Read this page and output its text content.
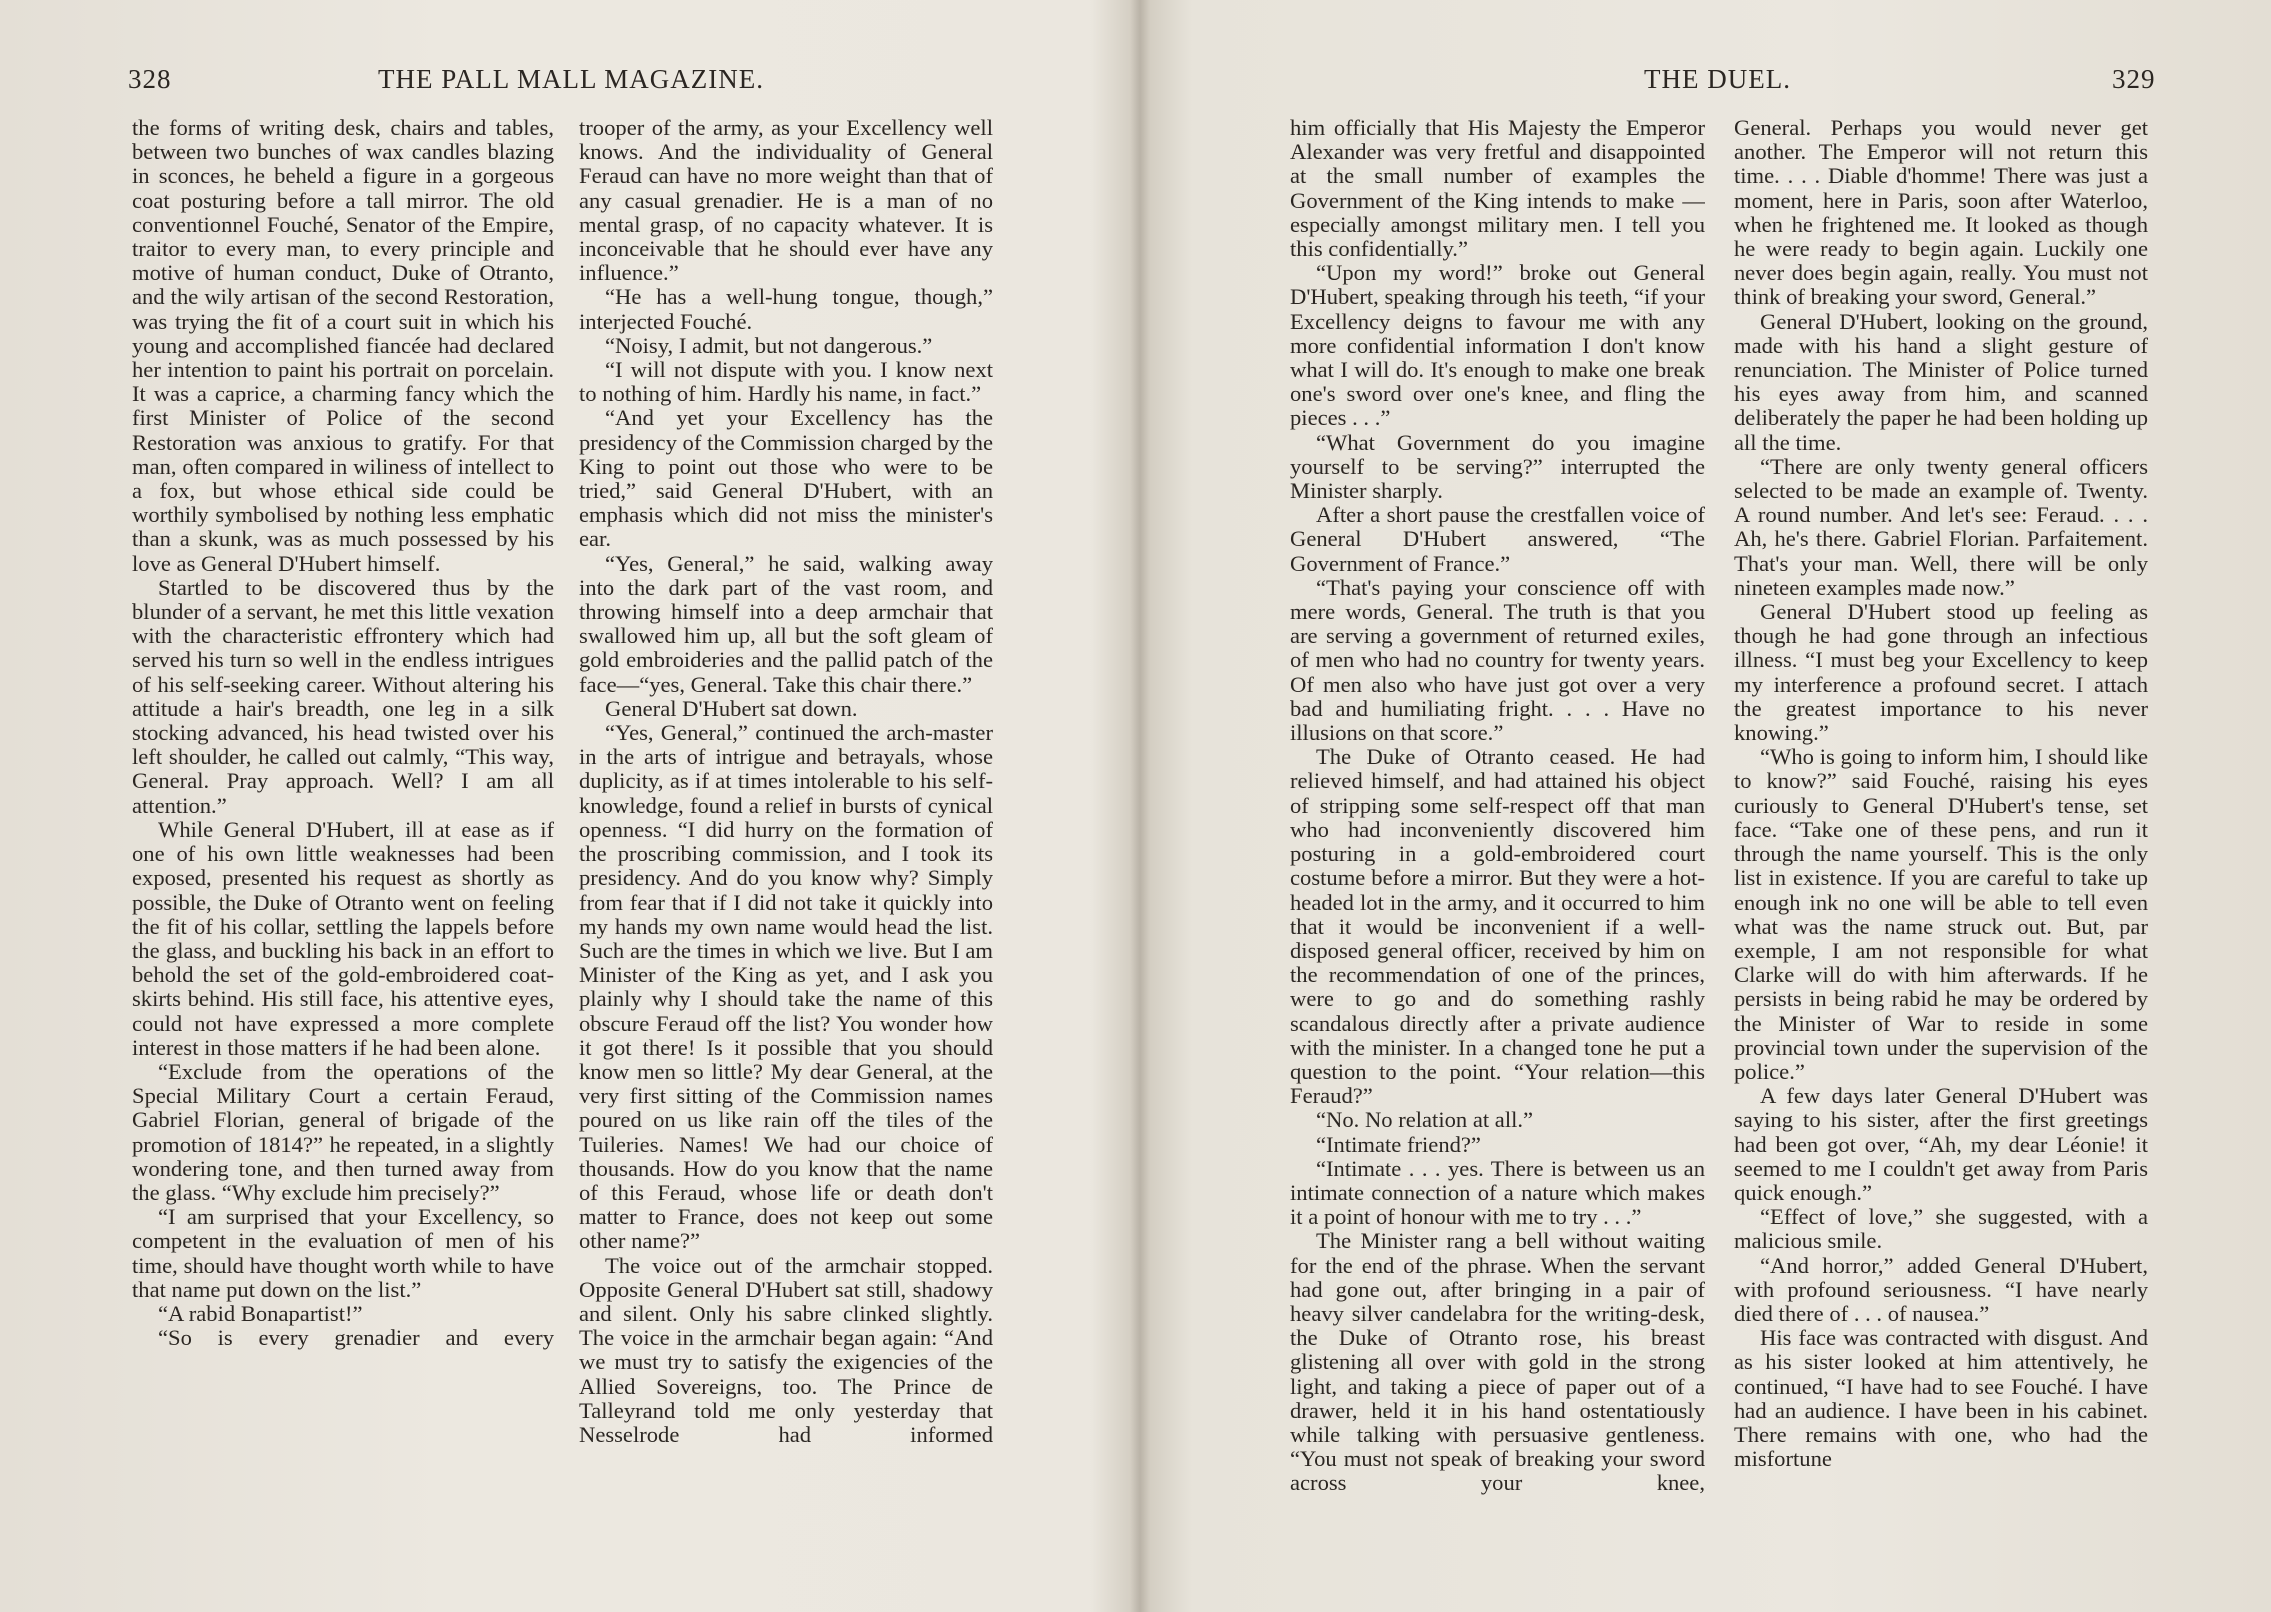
328	THE PALL MALL MAGAZINE.

the forms of writing desk, chairs and tables, between two bunches of wax candles blazing in sconces, he beheld a figure in a gorgeous coat posturing before a tall mirror. The old conventionnel Fouché, Senator of the Empire, traitor to every man, to every principle and motive of human conduct, Duke of Otranto, and the wily artisan of the second Restoration, was trying the fit of a court suit in which his young and accomplished fiancée had declared her intention to paint his portrait on porcelain. It was a caprice, a charming fancy which the first Minister of Police of the second Restoration was anxious to gratify. For that man, often compared in wiliness of intellect to a fox, but whose ethical side could be worthily symbolised by nothing less emphatic than a skunk, was as much possessed by his love as General D'Hubert himself.

Startled to be discovered thus by the blunder of a servant, he met this little vexation with the characteristic effrontery which had served his turn so well in the endless intrigues of his self-seeking career. Without altering his attitude a hair's breadth, one leg in a silk stocking advanced, his head twisted over his left shoulder, he called out calmly, “This way, General. Pray approach. Well? I am all attention.”

While General D'Hubert, ill at ease as if one of his own little weaknesses had been exposed, presented his request as shortly as possible, the Duke of Otranto went on feeling the fit of his collar, settling the lappels before the glass, and buckling his back in an effort to behold the set of the gold-embroidered coat-skirts behind. His still face, his attentive eyes, could not have expressed a more complete interest in those matters if he had been alone.

“Exclude from the operations of the Special Military Court a certain Feraud, Gabriel Florian, general of brigade of the promotion of 1814?” he repeated, in a slightly wondering tone, and then turned away from the glass. “Why exclude him precisely?”

“I am surprised that your Excellency, so competent in the evaluation of men of his time, should have thought worth while to have that name put down on the list.”

“A rabid Bonapartist!”

“So is every grenadier and every

trooper of the army, as your Excellency well knows. And the individuality of General Feraud can have no more weight than that of any casual grenadier. He is a man of no mental grasp, of no capacity whatever. It is inconceivable that he should ever have any influence.”

“He has a well-hung tongue, though,” interjected Fouché.

“Noisy, I admit, but not dangerous.”

“I will not dispute with you. I know next to nothing of him. Hardly his name, in fact.”

“And yet your Excellency has the presidency of the Commission charged by the King to point out those who were to be tried,” said General D'Hubert, with an emphasis which did not miss the minister's ear.

“Yes, General,” he said, walking away into the dark part of the vast room, and throwing himself into a deep armchair that swallowed him up, all but the soft gleam of gold embroideries and the pallid patch of the face—“yes, General. Take this chair there.”

General D'Hubert sat down.

“Yes, General,” continued the arch-master in the arts of intrigue and betrayals, whose duplicity, as if at times intolerable to his self-knowledge, found a relief in bursts of cynical openness. “I did hurry on the formation of the proscribing commission, and I took its presidency. And do you know why? Simply from fear that if I did not take it quickly into my hands my own name would head the list. Such are the times in which we live. But I am Minister of the King as yet, and I ask you plainly why I should take the name of this obscure Feraud off the list? You wonder how it got there! Is it possible that you should know men so little? My dear General, at the very first sitting of the Commission names poured on us like rain off the tiles of the Tuileries. Names! We had our choice of thousands. How do you know that the name of this Feraud, whose life or death don't matter to France, does not keep out some other name?”

The voice out of the armchair stopped. Opposite General D'Hubert sat still, shadowy and silent. Only his sabre clinked slightly. The voice in the armchair began again: “And we must try to satisfy the exigencies of the Allied Sovereigns, too. The Prince de Talleyrand told me only yesterday that Nesselrode had informed

THE DUEL.	329

him officially that His Majesty the Emperor Alexander was very fretful and disappointed at the small number of examples the Government of the King intends to make —especially amongst military men. I tell you this confidentially.”

“Upon my word!” broke out General D'Hubert, speaking through his teeth, “if your Excellency deigns to favour me with any more confidential information I don't know what I will do. It's enough to make one break one's sword over one's knee, and fling the pieces . . .”

“What Government do you imagine yourself to be serving?” interrupted the Minister sharply.

After a short pause the crestfallen voice of General D'Hubert answered, “The Government of France.”

“That's paying your conscience off with mere words, General. The truth is that you are serving a government of returned exiles, of men who had no country for twenty years. Of men also who have just got over a very bad and humiliating fright. . . . Have no illusions on that score.”

The Duke of Otranto ceased. He had relieved himself, and had attained his object of stripping some self-respect off that man who had inconveniently discovered him posturing in a gold-embroidered court costume before a mirror. But they were a hot-headed lot in the army, and it occurred to him that it would be inconvenient if a well-disposed general officer, received by him on the recommendation of one of the princes, were to go and do something rashly scandalous directly after a private audience with the minister. In a changed tone he put a question to the point. “Your relation—this Feraud?”

“No. No relation at all.”

“Intimate friend?”

“Intimate . . . yes. There is between us an intimate connection of a nature which makes it a point of honour with me to try . . .”

The Minister rang a bell without waiting for the end of the phrase. When the servant had gone out, after bringing in a pair of heavy silver candelabra for the writing-desk, the Duke of Otranto rose, his breast glistening all over with gold in the strong light, and taking a piece of paper out of a drawer, held it in his hand ostentatiously while talking with persuasive gentleness. “You must not speak of breaking your sword across your knee,

General. Perhaps you would never get another. The Emperor will not return this time. . . . Diable d'homme! There was just a moment, here in Paris, soon after Waterloo, when he frightened me. It looked as though he were ready to begin again. Luckily one never does begin again, really. You must not think of breaking your sword, General.”

General D'Hubert, looking on the ground, made with his hand a slight gesture of renunciation. The Minister of Police turned his eyes away from him, and scanned deliberately the paper he had been holding up all the time.

“There are only twenty general officers selected to be made an example of. Twenty. A round number. And let's see: Feraud. . . . Ah, he's there. Gabriel Florian. Parfaitement. That's your man. Well, there will be only nineteen examples made now.”

General D'Hubert stood up feeling as though he had gone through an infectious illness. “I must beg your Excellency to keep my interference a profound secret. I attach the greatest importance to his never knowing.”

“Who is going to inform him, I should like to know?” said Fouché, raising his eyes curiously to General D'Hubert's tense, set face. “Take one of these pens, and run it through the name yourself. This is the only list in existence. If you are careful to take up enough ink no one will be able to tell even what was the name struck out. But, par exemple, I am not responsible for what Clarke will do with him afterwards. If he persists in being rabid he may be ordered by the Minister of War to reside in some provincial town under the supervision of the police.”

A few days later General D'Hubert was saying to his sister, after the first greetings had been got over, “Ah, my dear Léonie! it seemed to me I couldn't get away from Paris quick enough.”

“Effect of love,” she suggested, with a malicious smile.

“And horror,” added General D'Hubert, with profound seriousness. “I have nearly died there of . . . of nausea.”

His face was contracted with disgust. And as his sister looked at him attentively, he continued, “I have had to see Fouché. I have had an audience. I have been in his cabinet. There remains with one, who had the misfortune
